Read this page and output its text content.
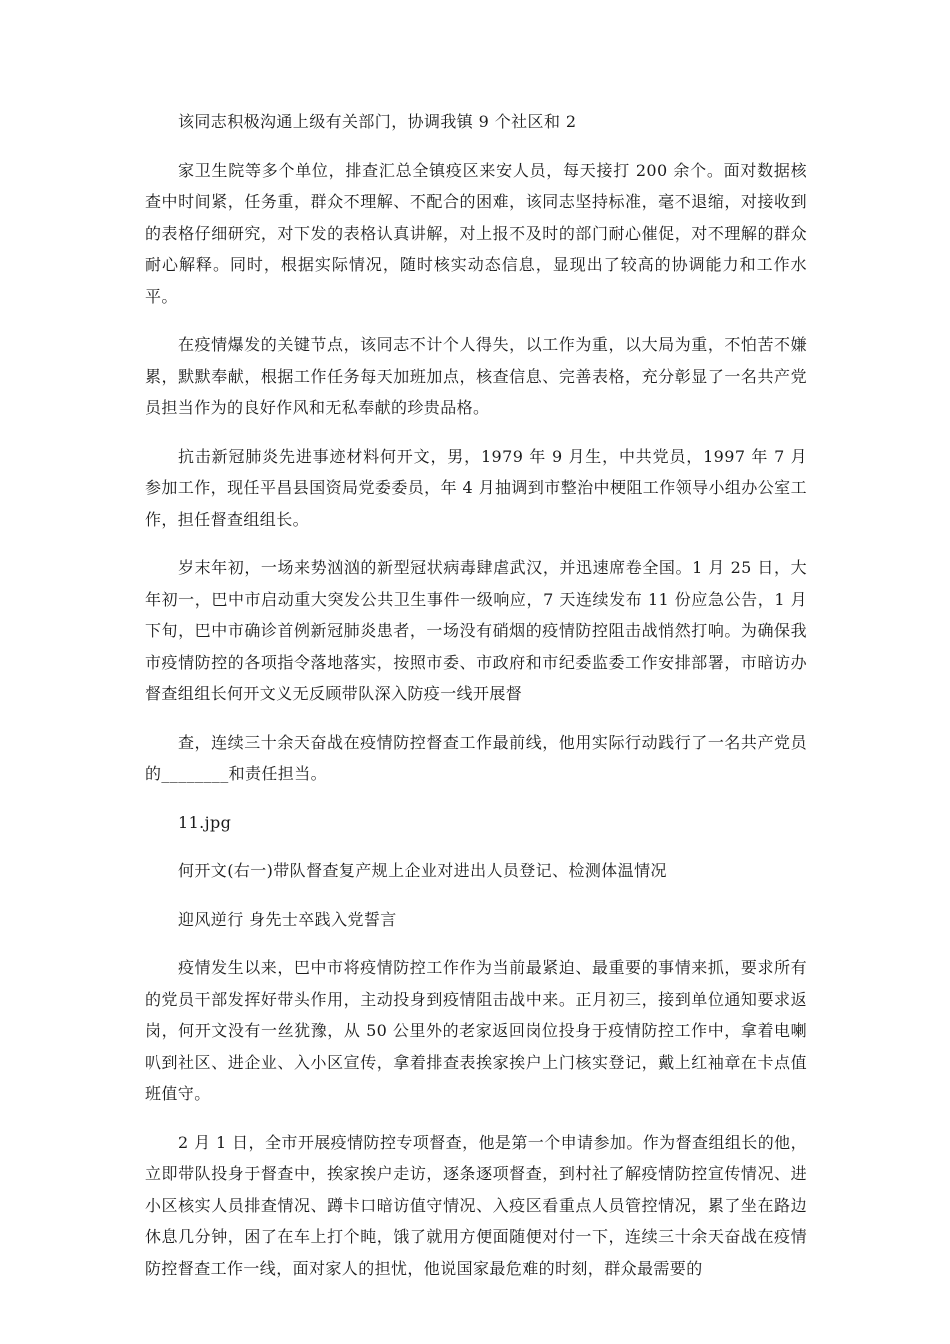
该同志积极沟通上级有关部门，协调我镇 9 个社区和 2

家卫生院等多个单位，排查汇总全镇疫区来安人员，每天接打 200 余个。面对数据核查中时间紧，任务重，群众不理解、不配合的困难，该同志坚持标准，毫不退缩，对接收到的表格仔细研究，对下发的表格认真讲解，对上报不及时的部门耐心催促，对不理解的群众耐心解释。同时，根据实际情况，随时核实动态信息，显现出了较高的协调能力和工作水平。

在疫情爆发的关键节点，该同志不计个人得失，以工作为重，以大局为重，不怕苦不嫌累，默默奉献，根据工作任务每天加班加点，核查信息、完善表格，充分彰显了一名共产党员担当作为的良好作风和无私奉献的珍贵品格。

抗击新冠肺炎先进事迹材料何开文，男，1979 年 9 月生，中共党员，1997 年 7 月参加工作，现任平昌县国资局党委委员，年 4 月抽调到市整治中梗阻工作领导小组办公室工作，担任督查组组长。

岁末年初，一场来势汹汹的新型冠状病毒肆虐武汉，并迅速席卷全国。1 月 25 日，大年初一，巴中市启动重大突发公共卫生事件一级响应，7 天连续发布 11 份应急公告，1 月下旬，巴中市确诊首例新冠肺炎患者，一场没有硝烟的疫情防控阻击战悄然打响。为确保我市疫情防控的各项指令落地落实，按照市委、市政府和市纪委监委工作安排部署，市暗访办督查组组长何开文义无反顾带队深入防疫一线开展督

查，连续三十余天奋战在疫情防控督查工作最前线，他用实际行动践行了一名共产党员的________和责任担当。

11.jpg

何开文(右一)带队督查复产规上企业对进出人员登记、检测体温情况

迎风逆行 身先士卒践入党誓言

疫情发生以来，巴中市将疫情防控工作作为当前最紧迫、最重要的事情来抓，要求所有的党员干部发挥好带头作用，主动投身到疫情阻击战中来。正月初三，接到单位通知要求返岗，何开文没有一丝犹豫，从 50 公里外的老家返回岗位投身于疫情防控工作中，拿着电喇叭到社区、进企业、入小区宣传，拿着排查表挨家挨户上门核实登记，戴上红袖章在卡点值班值守。

2 月 1 日，全市开展疫情防控专项督查，他是第一个申请参加。作为督查组组长的他，立即带队投身于督查中，挨家挨户走访，逐条逐项督查，到村社了解疫情防控宣传情况、进小区核实人员排查情况、蹲卡口暗访值守情况、入疫区看重点人员管控情况，累了坐在路边休息几分钟，困了在车上打个盹，饿了就用方便面随便对付一下，连续三十余天奋战在疫情防控督查工作一线，面对家人的担忧，他说国家最危难的时刻，群众最需要的
